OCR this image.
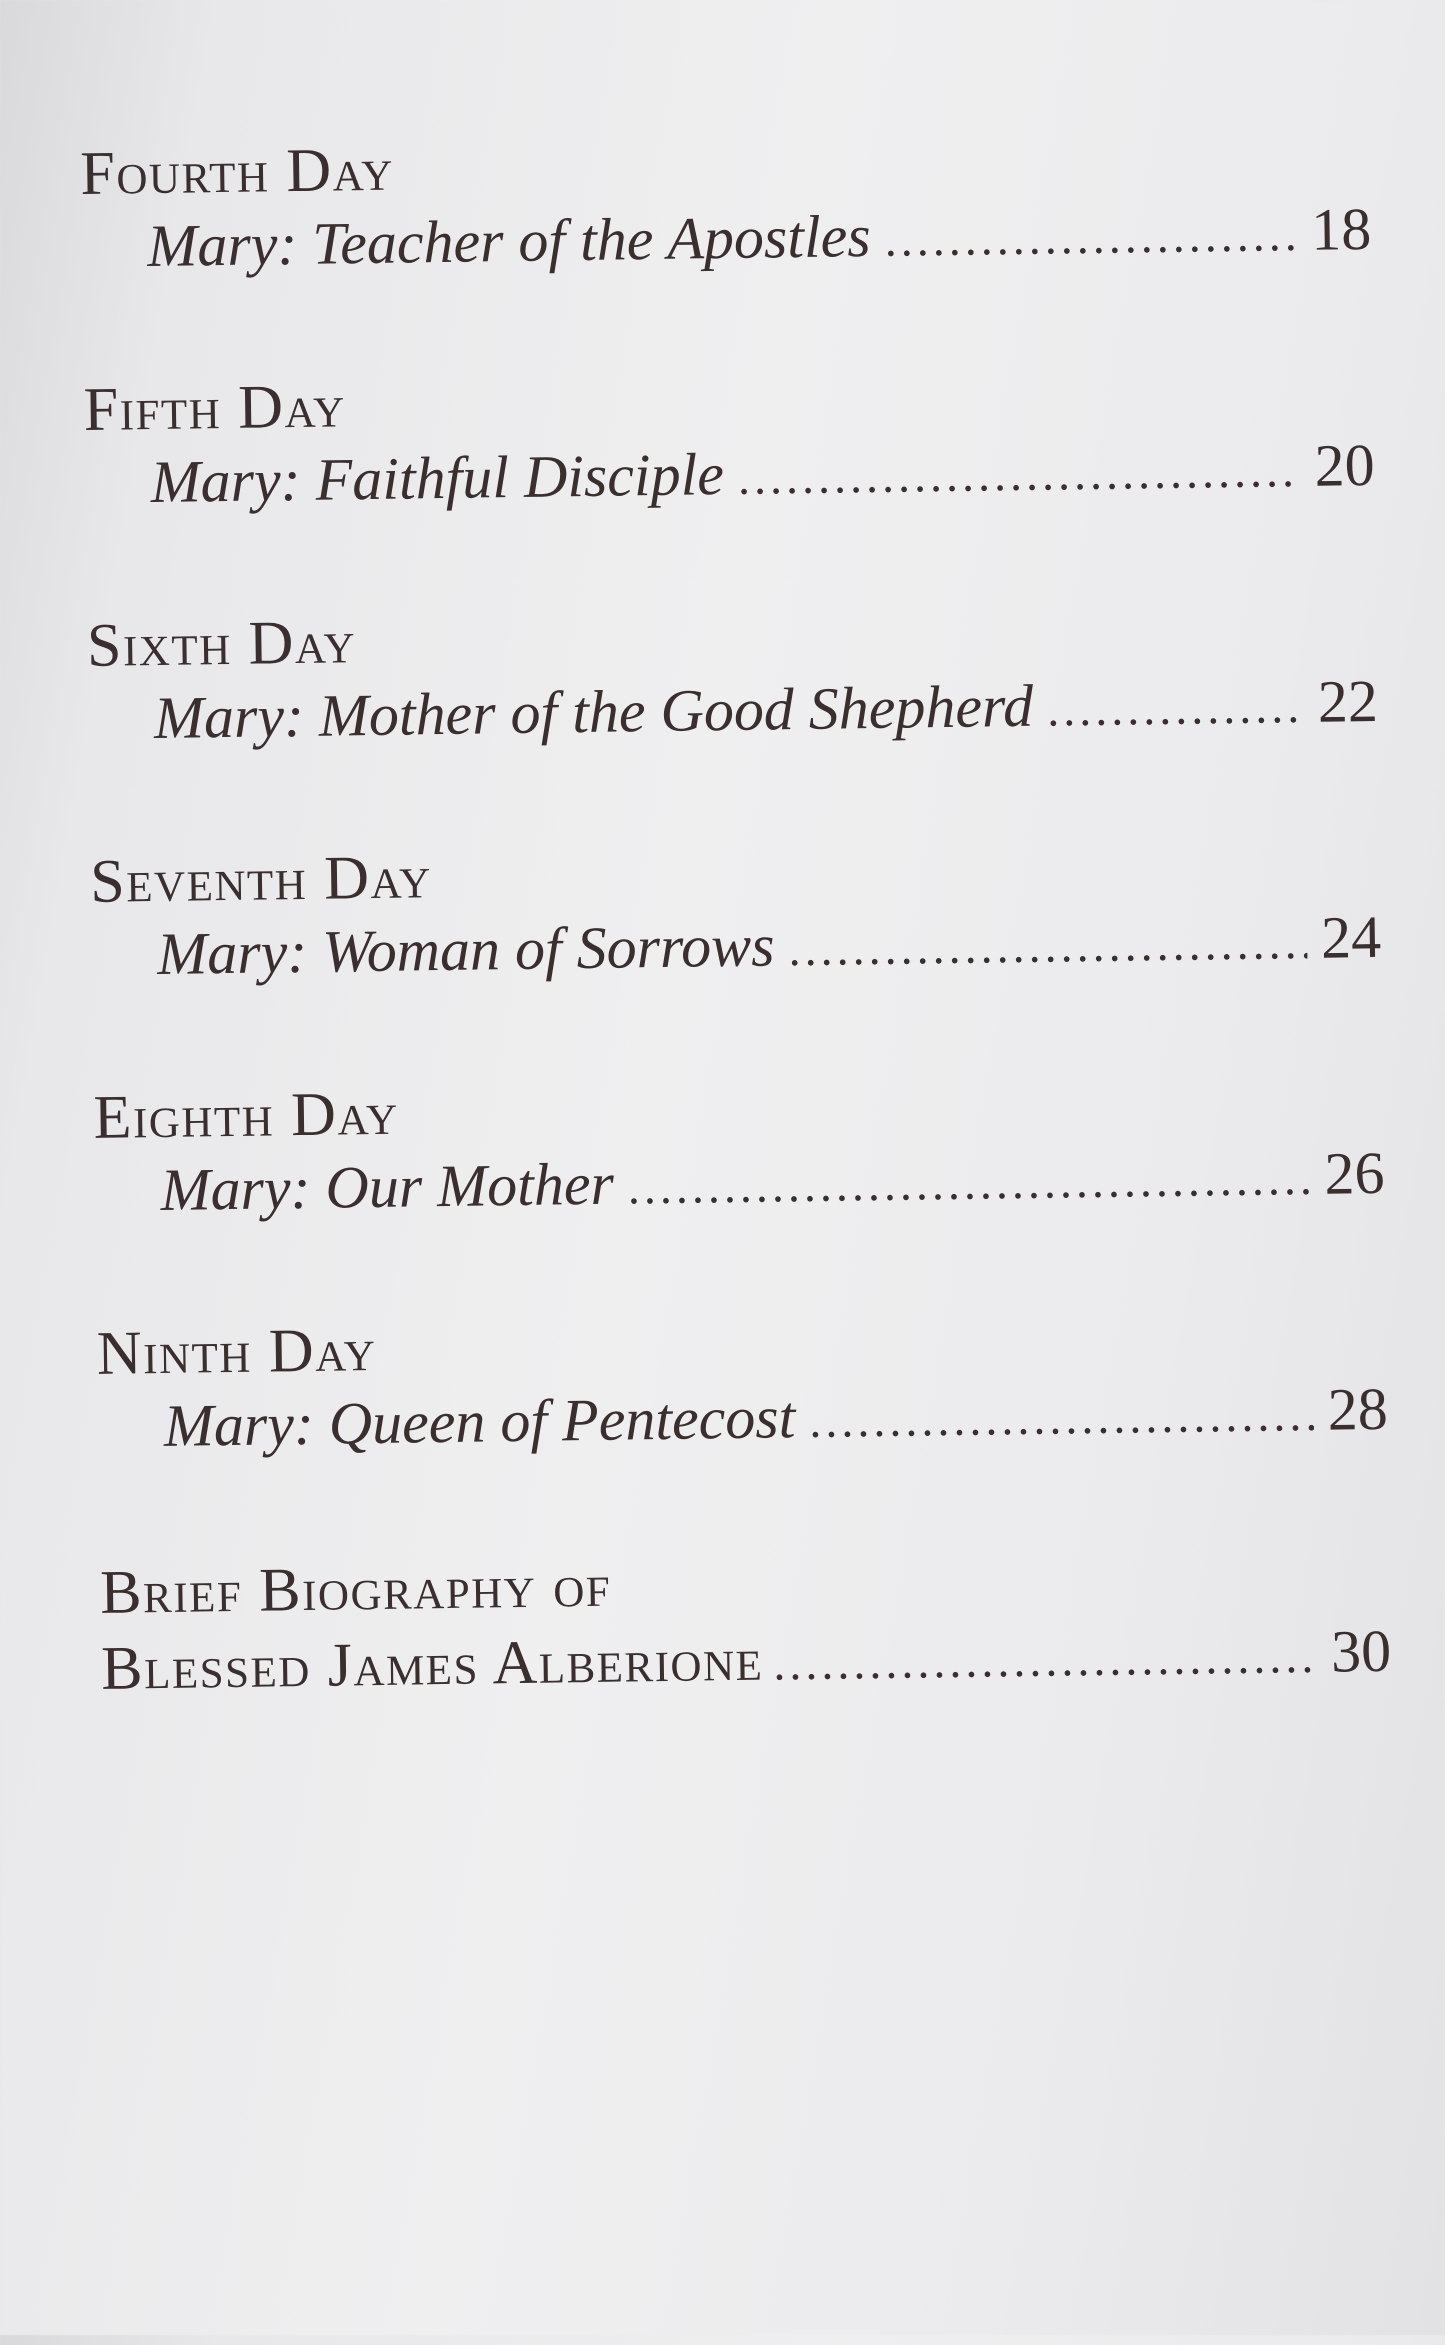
Fourth Day
Mary: Teacher of the Apostles .....	18
Fifth Day
Mary: Faithful Disciple .....	20
Sixth Day
Mary: Mother of the Good Shepherd .....	22
Seventh Day
Mary: Woman of Sorrows .....	24
Eighth Day
Mary: Our Mother .....	26
Ninth Day
Mary: Queen of Pentecost .....	28
Brief Biography of
Blessed James Alberione .....	30
